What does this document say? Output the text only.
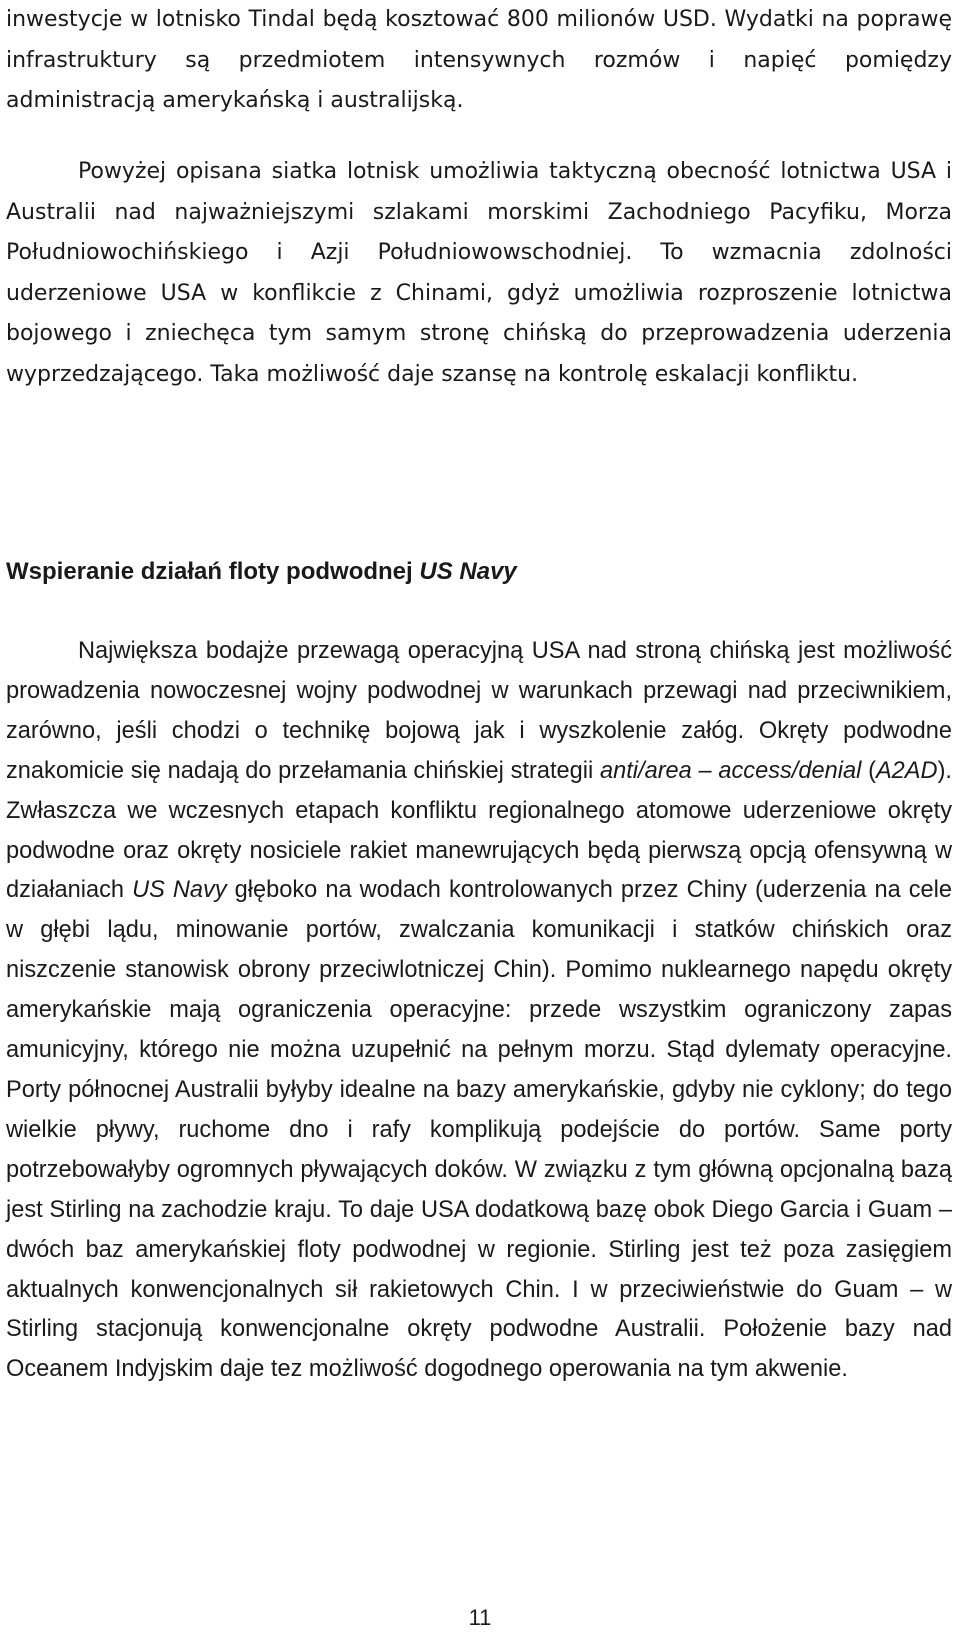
inwestycje w lotnisko Tindal będą kosztować 800 milionów USD. Wydatki na poprawę infrastruktury są przedmiotem intensywnych rozmów i napięć pomiędzy administracją amerykańską i australijską.

Powyżej opisana siatka lotnisk umożliwia taktyczną obecność lotnictwa USA i Australii nad najważniejszymi szlakami morskimi Zachodniego Pacyfiku, Morza Południowochińskiego i Azji Południowowschodniej. To wzmacnia zdolności uderzeniowe USA w konflikcie z Chinami, gdyż umożliwia rozproszenie lotnictwa bojowego i zniechęca tym samym stronę chińską do przeprowadzenia uderzenia wyprzedzającego. Taka możliwość daje szansę na kontrolę eskalacji konfliktu.

Wspieranie działań floty podwodnej US Navy

Największa bodajże przewagą operacyjną USA nad stroną chińską jest możliwość prowadzenia nowoczesnej wojny podwodnej w warunkach przewagi nad przeciwnikiem, zarówno, jeśli chodzi o technikę bojową jak i wyszkolenie załóg. Okręty podwodne znakomicie się nadają do przełamania chińskiej strategii anti/area – access/denial (A2AD). Zwłaszcza we wczesnych etapach konfliktu regionalnego atomowe uderzeniowe okręty podwodne oraz okręty nosiciele rakiet manewrujących będą pierwszą opcją ofensywną w działaniach US Navy głęboko na wodach kontrolowanych przez Chiny (uderzenia na cele w głębi lądu, minowanie portów, zwalczania komunikacji i statków chińskich oraz niszczenie stanowisk obrony przeciwlotniczej Chin). Pomimo nuklearnego napędu okręty amerykańskie mają ograniczenia operacyjne: przede wszystkim ograniczony zapas amunicyjny, którego nie można uzupełnić na pełnym morzu. Stąd dylematy operacyjne. Porty północnej Australii byłyby idealne na bazy amerykańskie, gdyby nie cyklony; do tego wielkie pływy, ruchome dno i rafy komplikują podejście do portów. Same porty potrzebowałyby ogromnych pływających doków. W związku z tym główną opcjonalną bazą jest Stirling na zachodzie kraju. To daje USA dodatkową bazę obok Diego Garcia i Guam – dwóch baz amerykańskiej floty podwodnej w regionie. Stirling jest też poza zasięgiem aktualnych konwencjonalnych sił rakietowych Chin. I w przeciwieństwie do Guam – w Stirling stacjonują konwencjonalne okręty podwodne Australii. Położenie bazy nad Oceanem Indyjskim daje tez możliwość dogodnego operowania na tym akwenie.

11
